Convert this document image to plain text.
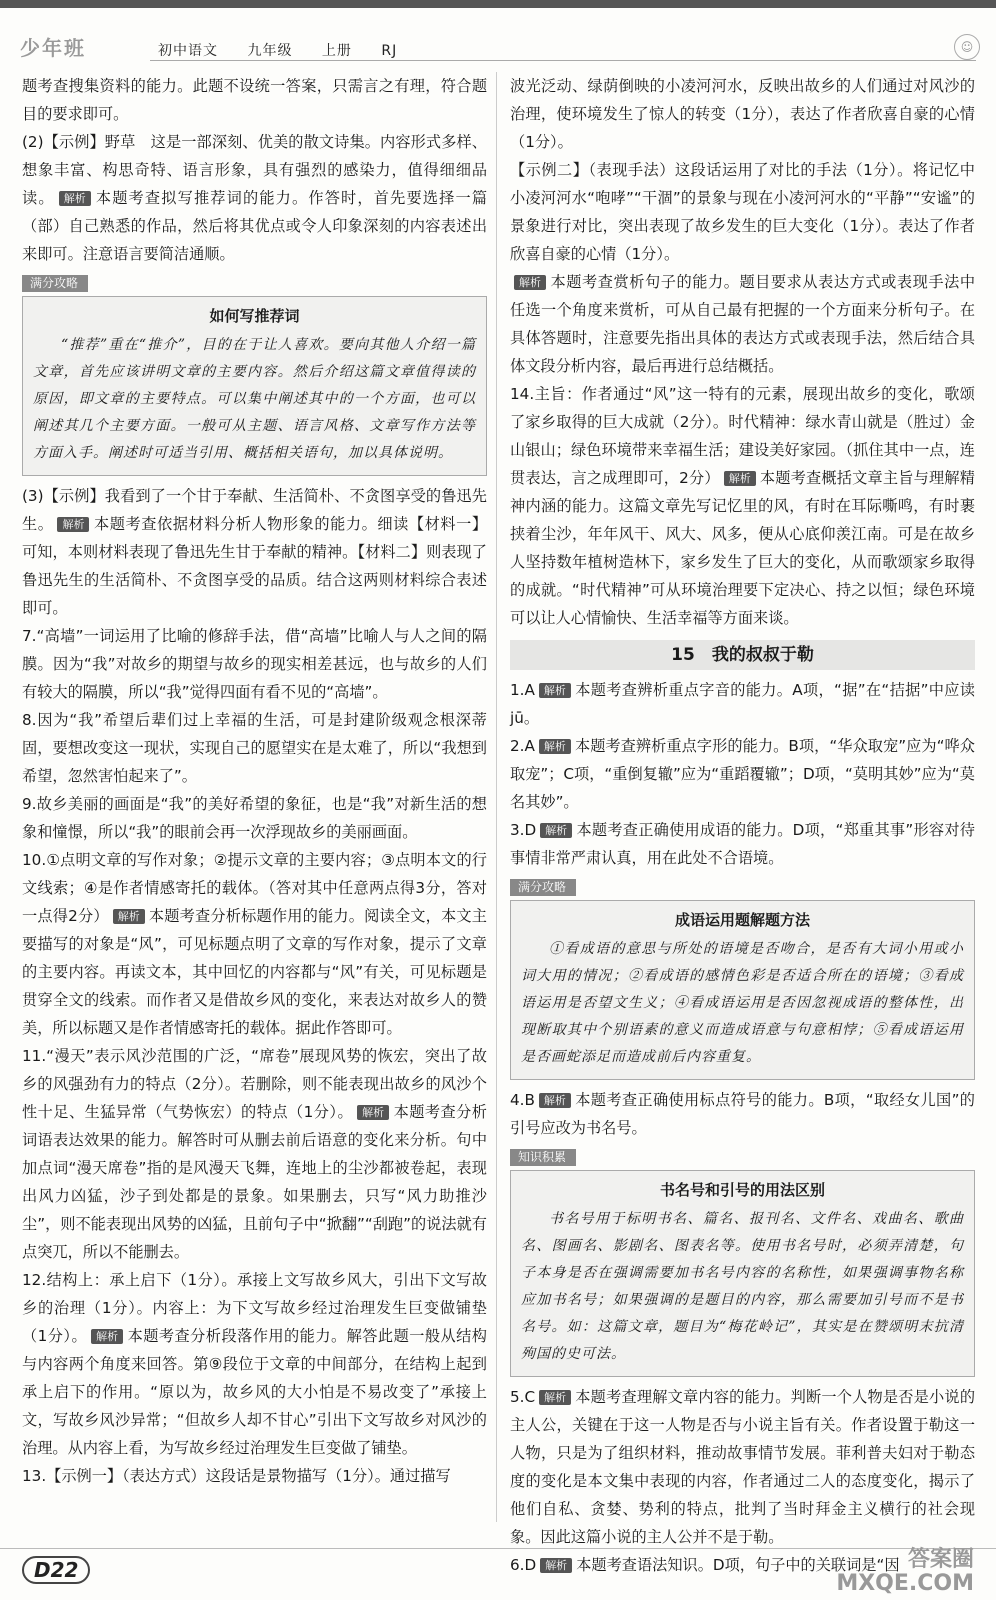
少年班	初中语文 九年级 上册 RJ	☺

题考查搜集资料的能力。此题不设统一答案，只需言之有理，符合题目的要求即可。

(2)【示例】野草　这是一部深刻、优美的散文诗集。内容形式多样、想象丰富、构思奇特、语言形象，具有强烈的感染力，值得细细品读。 解析 本题考查拟写推荐词的能力。作答时，首先要选择一篇（部）自己熟悉的作品，然后将其优点或令人印象深刻的内容表述出来即可。注意语言要简洁通顺。

满分攻略
如何写推荐词
“推荐”重在“推介”，目的在于让人喜欢。要向其他人介绍一篇文章，首先应该讲明文章的主要内容。然后介绍这篇文章值得读的原因，即文章的主要特点。可以集中阐述其中的一个方面，也可以阐述其几个主要方面。一般可从主题、语言风格、文章写作方法等方面入手。阐述时可适当引用、概括相关语句，加以具体说明。

(3)【示例】我看到了一个甘于奉献、生活简朴、不贪图享受的鲁迅先生。 解析 本题考查依据材料分析人物形象的能力。细读【材料一】可知，本则材料表现了鲁迅先生甘于奉献的精神。【材料二】则表现了鲁迅先生的生活简朴、不贪图享受的品质。结合这两则材料综合表述即可。

7.“高墙”一词运用了比喻的修辞手法，借“高墙”比喻人与人之间的隔膜。因为“我”对故乡的期望与故乡的现实相差甚远，也与故乡的人们有较大的隔膜，所以“我”觉得四面有看不见的“高墙”。

8.因为“我”希望后辈们过上幸福的生活，可是封建阶级观念根深蒂固，要想改变这一现状，实现自己的愿望实在是太难了，所以“我想到希望，忽然害怕起来了”。

9.故乡美丽的画面是“我”的美好希望的象征，也是“我”对新生活的想象和憧憬，所以“我”的眼前会再一次浮现故乡的美丽画面。

10.①点明文章的写作对象；②提示文章的主要内容；③点明本文的行文线索；④是作者情感寄托的载体。（答对其中任意两点得3分，答对一点得2分） 解析 本题考查分析标题作用的能力。阅读全文，本文主要描写的对象是“风”，可见标题点明了文章的写作对象，提示了文章的主要内容。再读文本，其中回忆的内容都与“风”有关，可见标题是贯穿全文的线索。而作者又是借故乡风的变化，来表达对故乡人的赞美，所以标题又是作者情感寄托的载体。据此作答即可。

11.“漫天”表示风沙范围的广泛，“席卷”展现风势的恢宏，突出了故乡的风强劲有力的特点（2分）。若删除，则不能表现出故乡的风沙个性十足、生猛异常（气势恢宏）的特点（1分）。 解析 本题考查分析词语表达效果的能力。解答时可从删去前后语意的变化来分析。句中加点词“漫天席卷”指的是风漫天飞舞，连地上的尘沙都被卷起，表现出风力凶猛，沙子到处都是的景象。如果删去，只写“风力助推沙尘”，则不能表现出风势的凶猛，且前句子中“掀翻”“刮跑”的说法就有点突兀，所以不能删去。

12.结构上：承上启下（1分）。承接上文写故乡风大，引出下文写故乡的治理（1分）。内容上：为下文写故乡经过治理发生巨变做铺垫（1分）。 解析 本题考查分析段落作用的能力。解答此题一般从结构与内容两个角度来回答。第⑨段位于文章的中间部分，在结构上起到承上启下的作用。“原以为，故乡风的大小怕是不易改变了”承接上文，写故乡风沙异常；“但故乡人却不甘心”引出下文写故乡对风沙的治理。从内容上看，为写故乡经过治理发生巨变做了铺垫。

13.【示例一】（表达方式）这段话是景物描写（1分）。通过描写

波光泛动、绿荫倒映的小凌河河水，反映出故乡的人们通过对风沙的治理，使环境发生了惊人的转变（1分），表达了作者欣喜自豪的心情（1分）。

【示例二】（表现手法）这段话运用了对比的手法（1分）。将记忆中小凌河河水“咆哮”“干涸”的景象与现在小凌河河水的“平静”“安谧”的景象进行对比，突出表现了故乡发生的巨大变化（1分）。表达了作者欣喜自豪的心情（1分）。

解析 本题考查赏析句子的能力。题目要求从表达方式或表现手法中任选一个角度来赏析，可从自己最有把握的一个方面来分析句子。在具体答题时，注意要先指出具体的表达方式或表现手法，然后结合具体文段分析内容，最后再进行总结概括。

14.主旨：作者通过“风”这一特有的元素，展现出故乡的变化，歌颂了家乡取得的巨大成就（2分）。时代精神：绿水青山就是（胜过）金山银山；绿色环境带来幸福生活；建设美好家园。（抓住其中一点，连贯表达，言之成理即可，2分） 解析 本题考查概括文章主旨与理解精神内涵的能力。这篇文章先写记忆里的风，有时在耳际嘶鸣，有时裹挟着尘沙，年年风干、风大、风多，便从心底仰羡江南。可是在故乡人坚持数年植树造林下，家乡发生了巨大的变化，从而歌颂家乡取得的成就。“时代精神”可从环境治理要下定决心、持之以恒；绿色环境可以让人心情愉快、生活幸福等方面来谈。

15　我的叔叔于勒

1.A 解析 本题考查辨析重点字音的能力。A项，“据”在“拮据”中应读jū。

2.A 解析 本题考查辨析重点字形的能力。B项，“华众取宠”应为“哗众取宠”；C项，“重倒复辙”应为“重蹈覆辙”；D项，“莫明其妙”应为“莫名其妙”。

3.D 解析 本题考查正确使用成语的能力。D项，“郑重其事”形容对待事情非常严肃认真，用在此处不合语境。

满分攻略
成语运用题解题方法
①看成语的意思与所处的语境是否吻合，是否有大词小用或小词大用的情况；②看成语的感情色彩是否适合所在的语境；③看成语运用是否望文生义；④看成语运用是否因忽视成语的整体性，出现断取其中个别语素的意义而造成语意与句意相悖；⑤看成语运用是否画蛇添足而造成前后内容重复。

4.B 解析 本题考查正确使用标点符号的能力。B项，“取经女儿国”的引号应改为书名号。

知识积累
书名号和引号的用法区别
书名号用于标明书名、篇名、报刊名、文件名、戏曲名、歌曲名、图画名、影剧名、图表名等。使用书名号时，必须弄清楚，句子本身是否在强调需要加书名号内容的名称性，如果强调事物名称应加书名号；如果强调的是题目的内容，那么需要加引号而不是书名号。如：这篇文章，题目为“梅花岭记”，其实是在赞颂明末抗清殉国的史可法。

5.C 解析 本题考查理解文章内容的能力。判断一个人物是否是小说的主人公，关键在于这一人物是否与小说主旨有关。作者设置于勒这一人物，只是为了组织材料，推动故事情节发展。菲利普夫妇对于勒态度的变化是本文集中表现的内容，作者通过二人的态度变化，揭示了他们自私、贪婪、势利的特点，批判了当时拜金主义横行的社会现象。因此这篇小说的主人公并不是于勒。

6.D 解析 本题考查语法知识。D项，句子中的关联词是“因

D22	答案圈
MXQE.COM
